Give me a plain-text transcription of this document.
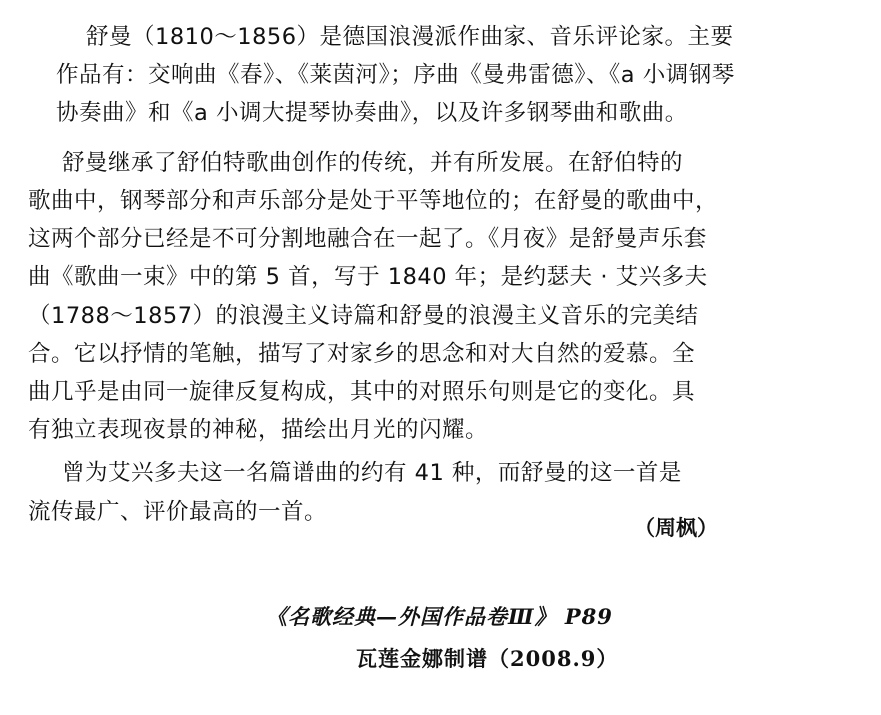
舒曼（1810～1856）是德国浪漫派作曲家、音乐评论家。主要
作品有：交响曲《春》、《莱茵河》；序曲《曼弗雷德》、《a 小调钢琴
协奏曲》和《a 小调大提琴协奏曲》，以及许多钢琴曲和歌曲。
舒曼继承了舒伯特歌曲创作的传统，并有所发展。在舒伯特的
歌曲中，钢琴部分和声乐部分是处于平等地位的；在舒曼的歌曲中，
这两个部分已经是不可分割地融合在一起了。《月夜》是舒曼声乐套
曲《歌曲一束》中的第 5 首，写于 1840 年；是约瑟夫 · 艾兴多夫
（1788～1857）的浪漫主义诗篇和舒曼的浪漫主义音乐的完美结
合。它以抒情的笔触，描写了对家乡的思念和对大自然的爱慕。全
曲几乎是由同一旋律反复构成，其中的对照乐句则是它的变化。具
有独立表现夜景的神秘，描绘出月光的闪耀。
曾为艾兴多夫这一名篇谱曲的约有 41 种，而舒曼的这一首是
流传最广、评价最高的一首。
（周枫）
《名歌经典—外国作品卷Ⅲ》 P89
瓦莲金娜制谱（2008.9）
